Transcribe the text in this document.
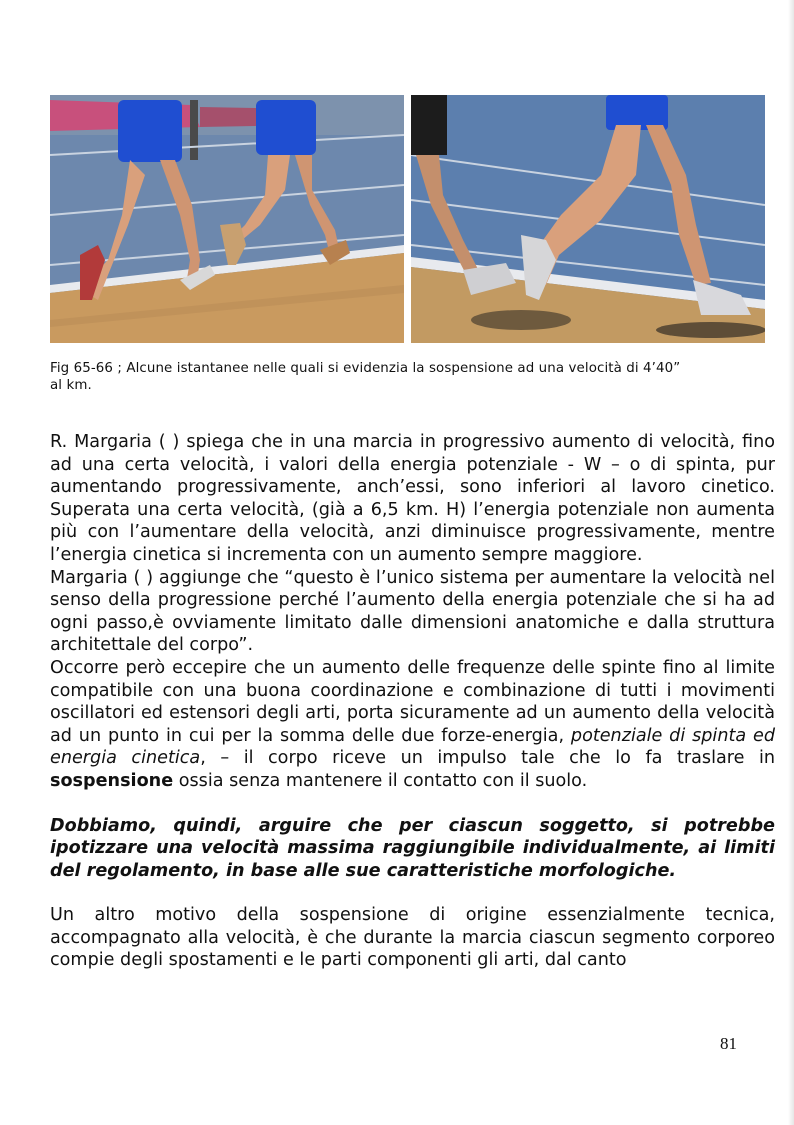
Fig 65-66 ; Alcune istantanee nelle quali si evidenzia la sospensione ad una velocità di 4’40”
al km.

R. Margaria ( ) spiega che in una marcia in progressivo aumento di velocità, fino ad una certa velocità, i valori della energia potenziale - W – o di spinta, pur aumentando progressivamente, anch’essi, sono inferiori al lavoro cinetico. Superata una certa velocità, (già a 6,5 km. H) l’energia potenziale non aumenta più con l’aumentare della velocità, anzi diminuisce progressivamente, mentre l’energia cinetica si incrementa con un aumento sempre maggiore.

Margaria ( ) aggiunge che “questo è l’unico sistema per aumentare la velocità nel senso della progressione perché l’aumento della energia potenziale che si ha ad ogni passo,è ovviamente limitato dalle dimensioni anatomiche e dalla struttura architettale del corpo”.

Occorre però eccepire che un aumento delle frequenze delle spinte fino al limite compatibile con una buona coordinazione e combinazione di tutti i movimenti oscillatori ed estensori degli arti, porta sicuramente ad un aumento della velocità ad un punto in cui per la somma delle due forze-energia, potenziale di spinta ed energia cinetica, – il corpo riceve un impulso tale che lo fa traslare in sospensione ossia senza mantenere il contatto con il suolo.

Dobbiamo, quindi, arguire che per ciascun soggetto, si potrebbe ipotizzare una velocità massima raggiungibile individualmente, ai limiti del regolamento, in base alle sue caratteristiche morfologiche.

Un altro motivo della sospensione di origine essenzialmente tecnica, accompagnato alla velocità, è che durante la marcia ciascun segmento corporeo compie degli spostamenti e le parti componenti gli arti, dal canto

81
